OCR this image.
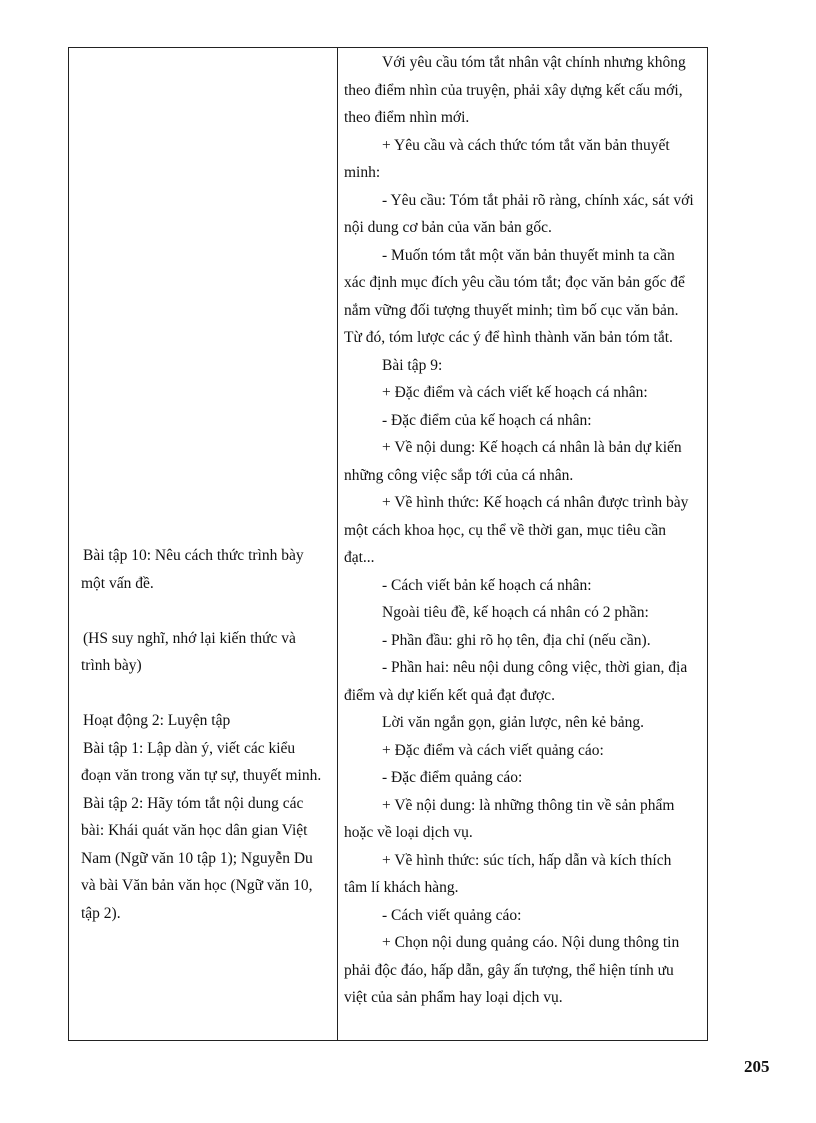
Bài tập 10: Nêu cách thức trình bày một vấn đề.

(HS suy nghĩ, nhớ lại kiến thức và trình bày)

Hoạt động 2: Luyện tập

Bài tập 1: Lập dàn ý, viết các kiểu đoạn văn trong văn tự sự, thuyết minh.

Bài tập 2: Hãy tóm tắt nội dung các bài: Khái quát văn học dân gian Việt Nam (Ngữ văn 10 tập 1); Nguyễn Du và bài Văn bản văn học (Ngữ văn 10, tập 2).

Với yêu cầu tóm tắt nhân vật chính nhưng không theo điểm nhìn của truyện, phải xây dựng kết cấu mới, theo điểm nhìn mới.

+ Yêu cầu và cách thức tóm tắt văn bản thuyết minh:

- Yêu cầu: Tóm tắt phải rõ ràng, chính xác, sát với nội dung cơ bản của văn bản gốc.

- Muốn tóm tắt một văn bản thuyết minh ta cần xác định mục đích yêu cầu tóm tắt; đọc văn bản gốc để nắm vững đối tượng thuyết minh; tìm bố cục văn bản. Từ đó, tóm lược các ý để hình thành văn bản tóm tắt.

Bài tập 9:

+ Đặc điểm và cách viết kế hoạch cá nhân:

- Đặc điểm của kế hoạch cá nhân:

+ Về nội dung: Kế hoạch cá nhân là bản dự kiến những công việc sắp tới của cá nhân.

+ Về hình thức: Kế hoạch cá nhân được trình bày một cách khoa học, cụ thể về thời gan, mục tiêu cần đạt...

- Cách viết bản kế hoạch cá nhân:

Ngoài tiêu đề, kế hoạch cá nhân có 2 phần:

- Phần đầu: ghi rõ họ tên, địa chỉ (nếu cần).

- Phần hai: nêu nội dung công việc, thời gian, địa điểm và dự kiến kết quả đạt được.

Lời văn ngắn gọn, giản lược, nên kẻ bảng.

+ Đặc điểm và cách viết quảng cáo:

- Đặc điểm quảng cáo:

+ Về nội dung: là những thông tin về sản phẩm hoặc về loại dịch vụ.

+ Về hình thức: súc tích, hấp dẫn và kích thích tâm lí khách hàng.

- Cách viết quảng cáo:

+ Chọn nội dung quảng cáo. Nội dung thông tin phải độc đáo, hấp dẫn, gây ấn tượng, thể hiện tính ưu việt của sản phẩm hay loại dịch vụ.

205
